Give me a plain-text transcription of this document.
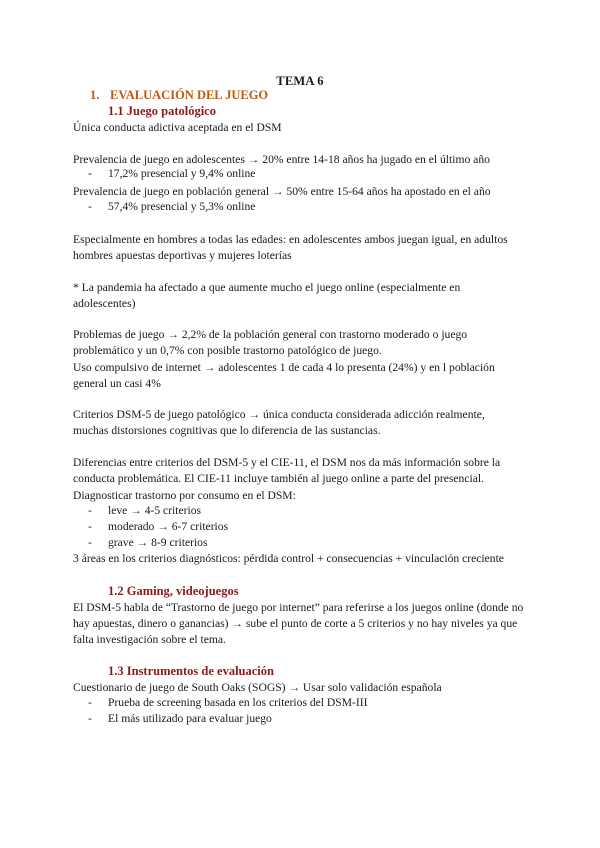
TEMA 6
1. EVALUACIÓN DEL JUEGO
1.1 Juego patológico
Única conducta adictiva aceptada en el DSM
Prevalencia de juego en adolescentes → 20% entre 14-18 años ha jugado en el último año
- 17,2% presencial y 9,4% online
Prevalencia de juego en población general → 50% entre 15-64 años ha apostado en el año
- 57,4% presencial y 5,3% online
Especialmente en hombres a todas las edades: en adolescentes ambos juegan igual, en adultos hombres apuestas deportivas y mujeres loterías
* La pandemia ha afectado a que aumente mucho el juego online (especialmente en adolescentes)
Problemas de juego → 2,2% de la población general con trastorno moderado o juego problemático y un 0,7% con posible trastorno patológico de juego.
Uso compulsivo de internet → adolescentes 1 de cada 4 lo presenta (24%) y en l población general un casi 4%
Criterios DSM-5 de juego patológico → única conducta considerada adicción realmente, muchas distorsiones cognitivas que lo diferencia de las sustancias.
Diferencias entre criterios del DSM-5 y el CIE-11, el DSM nos da más información sobre la conducta problemática. El CIE-11 incluye también al juego online a parte del presencial.
Diagnosticar trastorno por consumo en el DSM:
- leve → 4-5 criterios
- moderado → 6-7 criterios
- grave → 8-9 criterios
3 áreas en los criterios diagnósticos: pérdida control + consecuencias + vinculación creciente
1.2 Gaming, videojuegos
El DSM-5 habla de “Trastorno de juego por internet” para referirse a los juegos online (donde no hay apuestas, dinero o ganancias) → sube el punto de corte a 5 criterios y no hay niveles ya que falta investigación sobre el tema.
1.3 Instrumentos de evaluación
Cuestionario de juego de South Oaks (SOGS) → Usar solo validación española
- Prueba de screening basada en los criterios del DSM-III
- El más utilizado para evaluar juego
